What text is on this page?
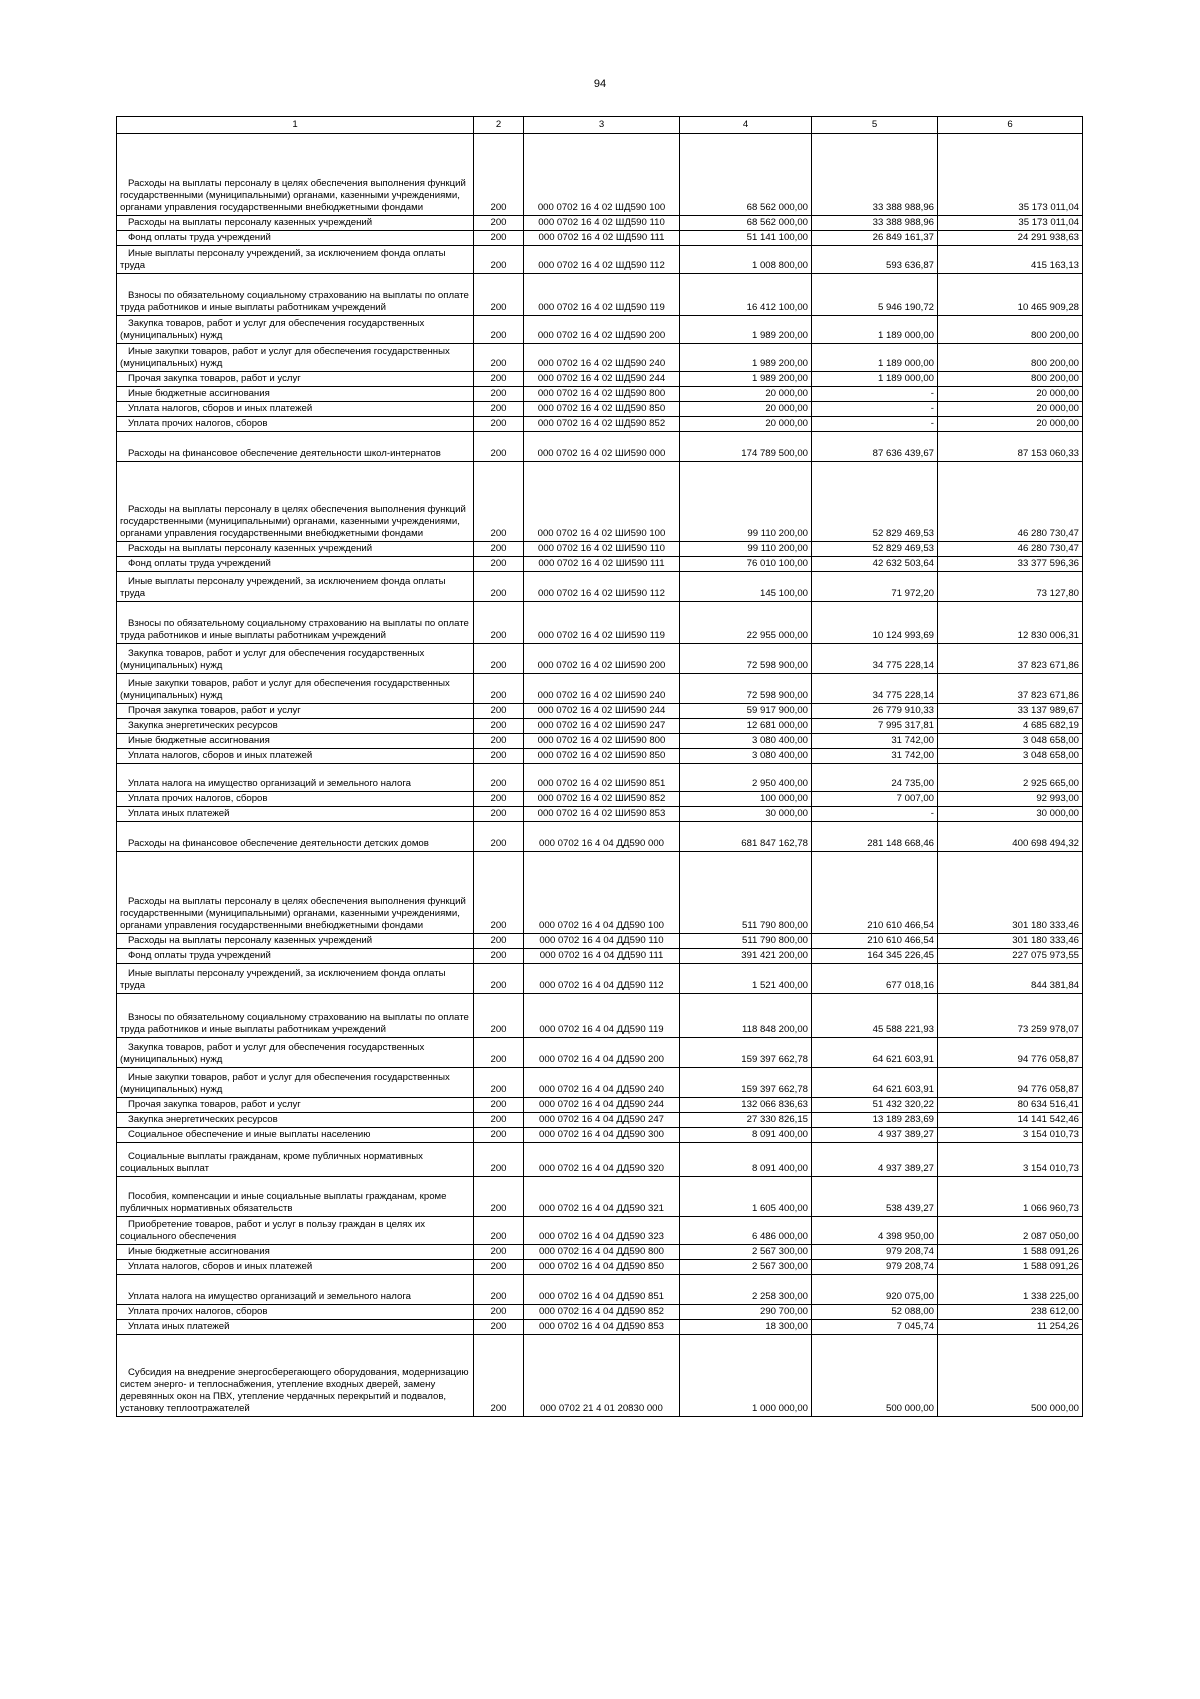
94
1	2	3	4	5	6
Расходы на выплаты персоналу в целях обеспечения выполнения функций государственными (муниципальными) органами, казенными учреждениями, органами управления государственными внебюджетными фондами	200	000 0702 16 4 02 ШД590 100	68 562 000,00	33 388 988,96	35 173 011,04
Расходы на выплаты персоналу казенных учреждений	200	000 0702 16 4 02 ШД590 110	68 562 000,00	33 388 988,96	35 173 011,04
Фонд оплаты труда учреждений	200	000 0702 16 4 02 ШД590 111	51 141 100,00	26 849 161,37	24 291 938,63
Иные выплаты персоналу учреждений, за исключением фонда оплаты труда	200	000 0702 16 4 02 ШД590 112	1 008 800,00	593 636,87	415 163,13
Взносы по обязательному социальному страхованию на выплаты по оплате труда работников и иные выплаты работникам учреждений	200	000 0702 16 4 02 ШД590 119	16 412 100,00	5 946 190,72	10 465 909,28
Закупка товаров, работ и услуг для обеспечения государственных (муниципальных) нужд	200	000 0702 16 4 02 ШД590 200	1 989 200,00	1 189 000,00	800 200,00
Иные закупки товаров, работ и услуг для обеспечения государственных (муниципальных) нужд	200	000 0702 16 4 02 ШД590 240	1 989 200,00	1 189 000,00	800 200,00
Прочая закупка товаров, работ и услуг	200	000 0702 16 4 02 ШД590 244	1 989 200,00	1 189 000,00	800 200,00
Иные бюджетные ассигнования	200	000 0702 16 4 02 ШД590 800	20 000,00	-	20 000,00
Уплата налогов, сборов и иных платежей	200	000 0702 16 4 02 ШД590 850	20 000,00	-	20 000,00
Уплата прочих налогов, сборов	200	000 0702 16 4 02 ШД590 852	20 000,00	-	20 000,00
Расходы на финансовое обеспечение деятельности школ-интернатов	200	000 0702 16 4 02 ШИ590 000	174 789 500,00	87 636 439,67	87 153 060,33
Расходы на выплаты персоналу в целях обеспечения выполнения функций государственными (муниципальными) органами, казенными учреждениями, органами управления государственными внебюджетными фондами	200	000 0702 16 4 02 ШИ590 100	99 110 200,00	52 829 469,53	46 280 730,47
Расходы на выплаты персоналу казенных учреждений	200	000 0702 16 4 02 ШИ590 110	99 110 200,00	52 829 469,53	46 280 730,47
Фонд оплаты труда учреждений	200	000 0702 16 4 02 ШИ590 111	76 010 100,00	42 632 503,64	33 377 596,36
Иные выплаты персоналу учреждений, за исключением фонда оплаты труда	200	000 0702 16 4 02 ШИ590 112	145 100,00	71 972,20	73 127,80
Взносы по обязательному социальному страхованию на выплаты по оплате труда работников и иные выплаты работникам учреждений	200	000 0702 16 4 02 ШИ590 119	22 955 000,00	10 124 993,69	12 830 006,31
Закупка товаров, работ и услуг для обеспечения государственных (муниципальных) нужд	200	000 0702 16 4 02 ШИ590 200	72 598 900,00	34 775 228,14	37 823 671,86
Иные закупки товаров, работ и услуг для обеспечения государственных (муниципальных) нужд	200	000 0702 16 4 02 ШИ590 240	72 598 900,00	34 775 228,14	37 823 671,86
Прочая закупка товаров, работ и услуг	200	000 0702 16 4 02 ШИ590 244	59 917 900,00	26 779 910,33	33 137 989,67
Закупка энергетических ресурсов	200	000 0702 16 4 02 ШИ590 247	12 681 000,00	7 995 317,81	4 685 682,19
Иные бюджетные ассигнования	200	000 0702 16 4 02 ШИ590 800	3 080 400,00	31 742,00	3 048 658,00
Уплата налогов, сборов и иных платежей	200	000 0702 16 4 02 ШИ590 850	3 080 400,00	31 742,00	3 048 658,00
Уплата налога на имущество организаций и земельного налога	200	000 0702 16 4 02 ШИ590 851	2 950 400,00	24 735,00	2 925 665,00
Уплата прочих налогов, сборов	200	000 0702 16 4 02 ШИ590 852	100 000,00	7 007,00	92 993,00
Уплата иных платежей	200	000 0702 16 4 02 ШИ590 853	30 000,00	-	30 000,00
Расходы на финансовое обеспечение деятельности детских домов	200	000 0702 16 4 04 ДД590 000	681 847 162,78	281 148 668,46	400 698 494,32
Расходы на выплаты персоналу в целях обеспечения выполнения функций государственными (муниципальными) органами, казенными учреждениями, органами управления государственными внебюджетными фондами	200	000 0702 16 4 04 ДД590 100	511 790 800,00	210 610 466,54	301 180 333,46
Расходы на выплаты персоналу казенных учреждений	200	000 0702 16 4 04 ДД590 110	511 790 800,00	210 610 466,54	301 180 333,46
Фонд оплаты труда учреждений	200	000 0702 16 4 04 ДД590 111	391 421 200,00	164 345 226,45	227 075 973,55
Иные выплаты персоналу учреждений, за исключением фонда оплаты труда	200	000 0702 16 4 04 ДД590 112	1 521 400,00	677 018,16	844 381,84
Взносы по обязательному социальному страхованию на выплаты по оплате труда работников и иные выплаты работникам учреждений	200	000 0702 16 4 04 ДД590 119	118 848 200,00	45 588 221,93	73 259 978,07
Закупка товаров, работ и услуг для обеспечения государственных (муниципальных) нужд	200	000 0702 16 4 04 ДД590 200	159 397 662,78	64 621 603,91	94 776 058,87
Иные закупки товаров, работ и услуг для обеспечения государственных (муниципальных) нужд	200	000 0702 16 4 04 ДД590 240	159 397 662,78	64 621 603,91	94 776 058,87
Прочая закупка товаров, работ и услуг	200	000 0702 16 4 04 ДД590 244	132 066 836,63	51 432 320,22	80 634 516,41
Закупка энергетических ресурсов	200	000 0702 16 4 04 ДД590 247	27 330 826,15	13 189 283,69	14 141 542,46
Социальное обеспечение и иные выплаты населению	200	000 0702 16 4 04 ДД590 300	8 091 400,00	4 937 389,27	3 154 010,73
Социальные выплаты гражданам, кроме публичных нормативных социальных выплат	200	000 0702 16 4 04 ДД590 320	8 091 400,00	4 937 389,27	3 154 010,73
Пособия, компенсации и иные социальные выплаты гражданам, кроме публичных нормативных обязательств	200	000 0702 16 4 04 ДД590 321	1 605 400,00	538 439,27	1 066 960,73
Приобретение товаров, работ и услуг в пользу граждан в целях их социального обеспечения	200	000 0702 16 4 04 ДД590 323	6 486 000,00	4 398 950,00	2 087 050,00
Иные бюджетные ассигнования	200	000 0702 16 4 04 ДД590 800	2 567 300,00	979 208,74	1 588 091,26
Уплата налогов, сборов и иных платежей	200	000 0702 16 4 04 ДД590 850	2 567 300,00	979 208,74	1 588 091,26
Уплата налога на имущество организаций и земельного налога	200	000 0702 16 4 04 ДД590 851	2 258 300,00	920 075,00	1 338 225,00
Уплата прочих налогов, сборов	200	000 0702 16 4 04 ДД590 852	290 700,00	52 088,00	238 612,00
Уплата иных платежей	200	000 0702 16 4 04 ДД590 853	18 300,00	7 045,74	11 254,26
Субсидия на внедрение энергосберегающего оборудования, модернизацию систем энерго- и теплоснабжения, утепление входных дверей, замену деревянных окон на ПВХ, утепление чердачных перекрытий и подвалов, установку теплоотражателей	200	000 0702 21 4 01 20830 000	1 000 000,00	500 000,00	500 000,00
